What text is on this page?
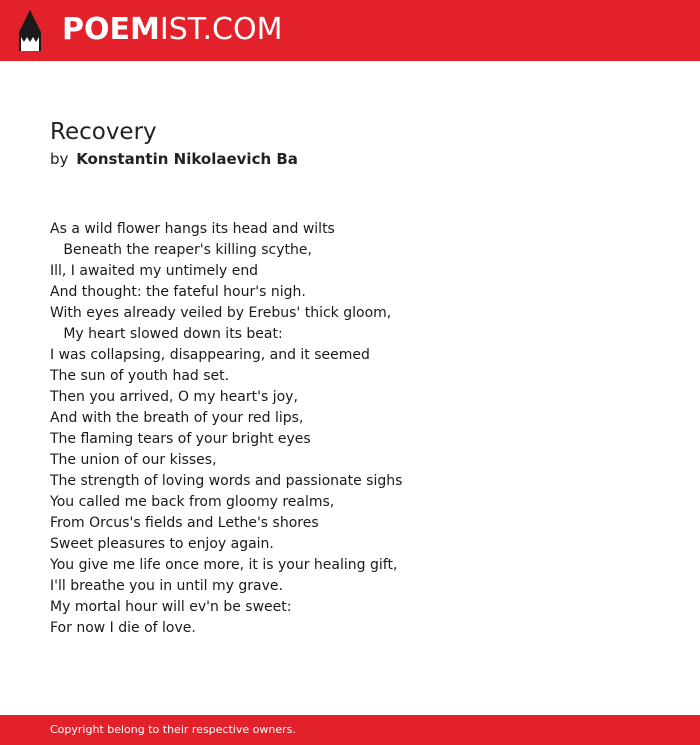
POEMIST.COM
Recovery
by Konstantin Nikolaevich Ba
As a wild flower hangs its head and wilts
Beneath the reaper's killing scythe,
Ill, I awaited my untimely end
And thought: the fateful hour's nigh.
With eyes already veiled by Erebus' thick gloom,
My heart slowed down its beat:
I was collapsing, disappearing, and it seemed
The sun of youth had set.
Then you arrived, O my heart's joy,
And with the breath of your red lips,
The flaming tears of your bright eyes
The union of our kisses,
The strength of loving words and passionate sighs
You called me back from gloomy realms,
From Orcus's fields and Lethe's shores
Sweet pleasures to enjoy again.
You give me life once more, it is your healing gift,
I'll breathe you in until my grave.
My mortal hour will ev'n be sweet:
For now I die of love.
Copyright belong to their respective owners.
